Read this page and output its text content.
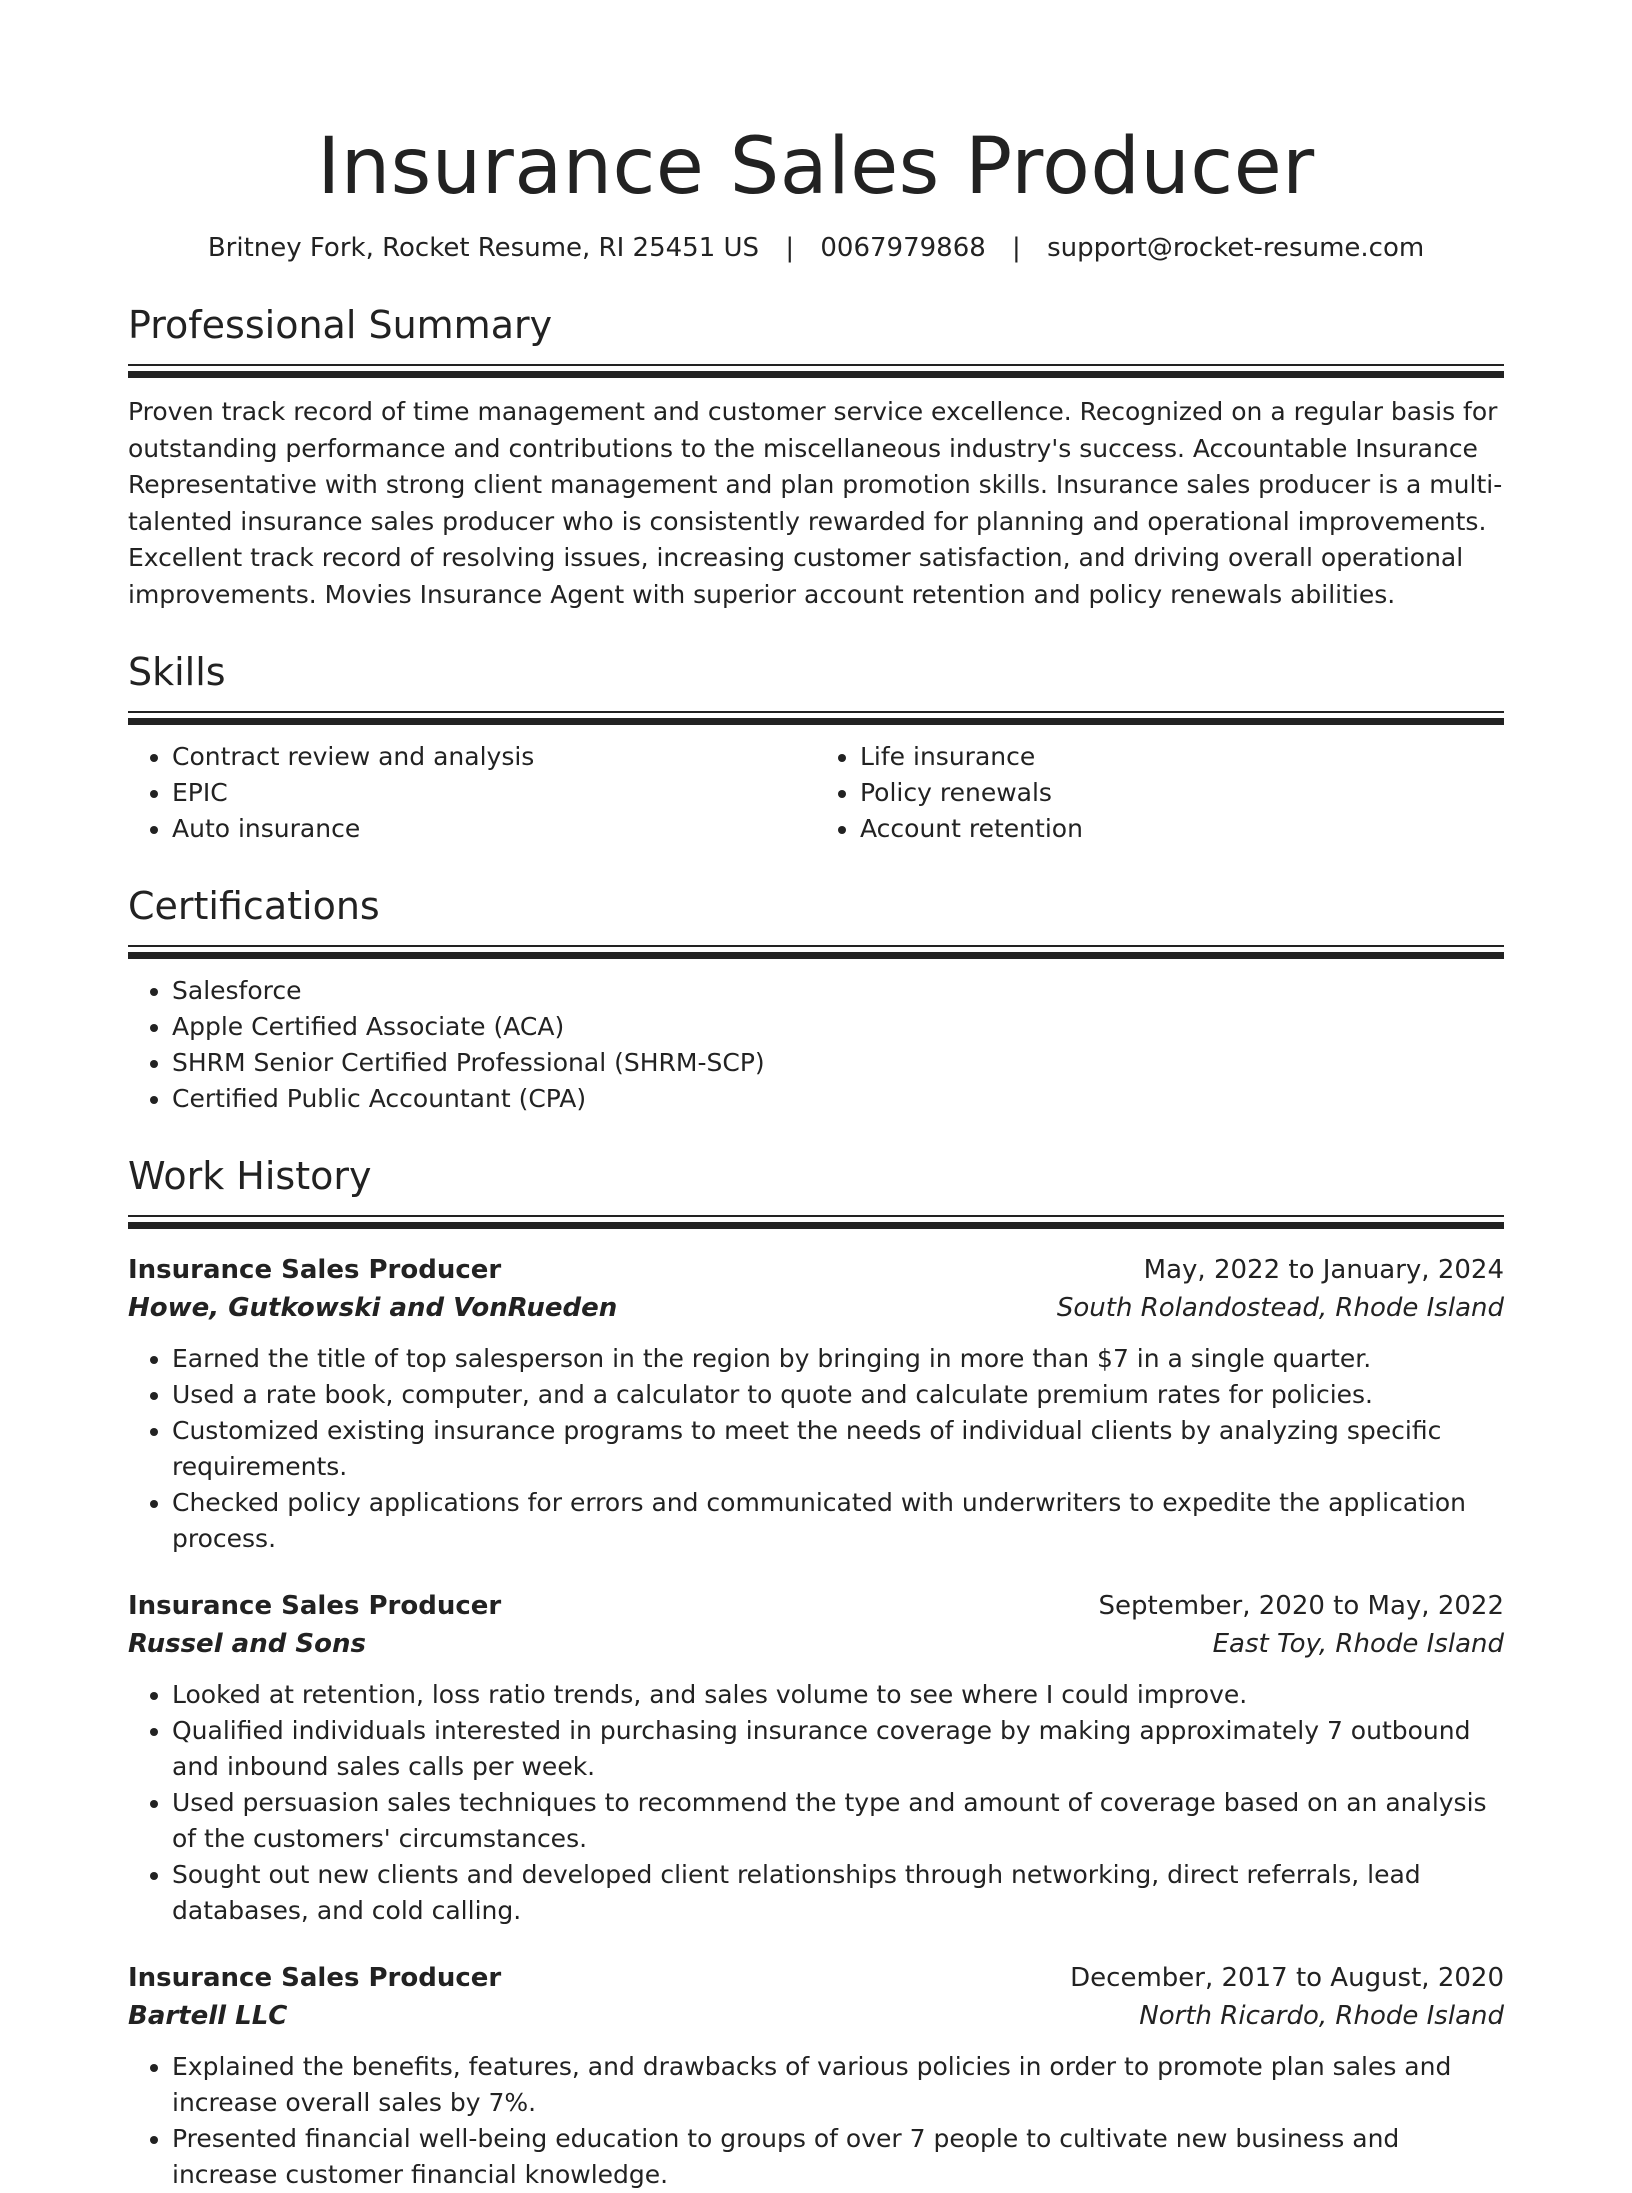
Insurance Sales Producer
Britney Fork, Rocket Resume, RI 25451 US | 0067979868 | support@rocket-resume.com
Professional Summary
Proven track record of time management and customer service excellence. Recognized on a regular basis for outstanding performance and contributions to the miscellaneous industry's success. Accountable Insurance Representative with strong client management and plan promotion skills. Insurance sales producer is a multi-talented insurance sales producer who is consistently rewarded for planning and operational improvements. Excellent track record of resolving issues, increasing customer satisfaction, and driving overall operational improvements. Movies Insurance Agent with superior account retention and policy renewals abilities.
Skills
• Contract review and analysis
• EPIC
• Auto insurance
• Life insurance
• Policy renewals
• Account retention
Certifications
• Salesforce
• Apple Certified Associate (ACA)
• SHRM Senior Certified Professional (SHRM-SCP)
• Certified Public Accountant (CPA)
Work History
Insurance Sales Producer	May, 2022 to January, 2024
Howe, Gutkowski and VonRueden	South Rolandostead, Rhode Island
• Earned the title of top salesperson in the region by bringing in more than $7 in a single quarter.
• Used a rate book, computer, and a calculator to quote and calculate premium rates for policies.
• Customized existing insurance programs to meet the needs of individual clients by analyzing specific requirements.
• Checked policy applications for errors and communicated with underwriters to expedite the application process.
Insurance Sales Producer	September, 2020 to May, 2022
Russel and Sons	East Toy, Rhode Island
• Looked at retention, loss ratio trends, and sales volume to see where I could improve.
• Qualified individuals interested in purchasing insurance coverage by making approximately 7 outbound and inbound sales calls per week.
• Used persuasion sales techniques to recommend the type and amount of coverage based on an analysis of the customers' circumstances.
• Sought out new clients and developed client relationships through networking, direct referrals, lead databases, and cold calling.
Insurance Sales Producer	December, 2017 to August, 2020
Bartell LLC	North Ricardo, Rhode Island
• Explained the benefits, features, and drawbacks of various policies in order to promote plan sales and increase overall sales by 7%.
• Presented financial well-being education to groups of over 7 people to cultivate new business and increase customer financial knowledge.
